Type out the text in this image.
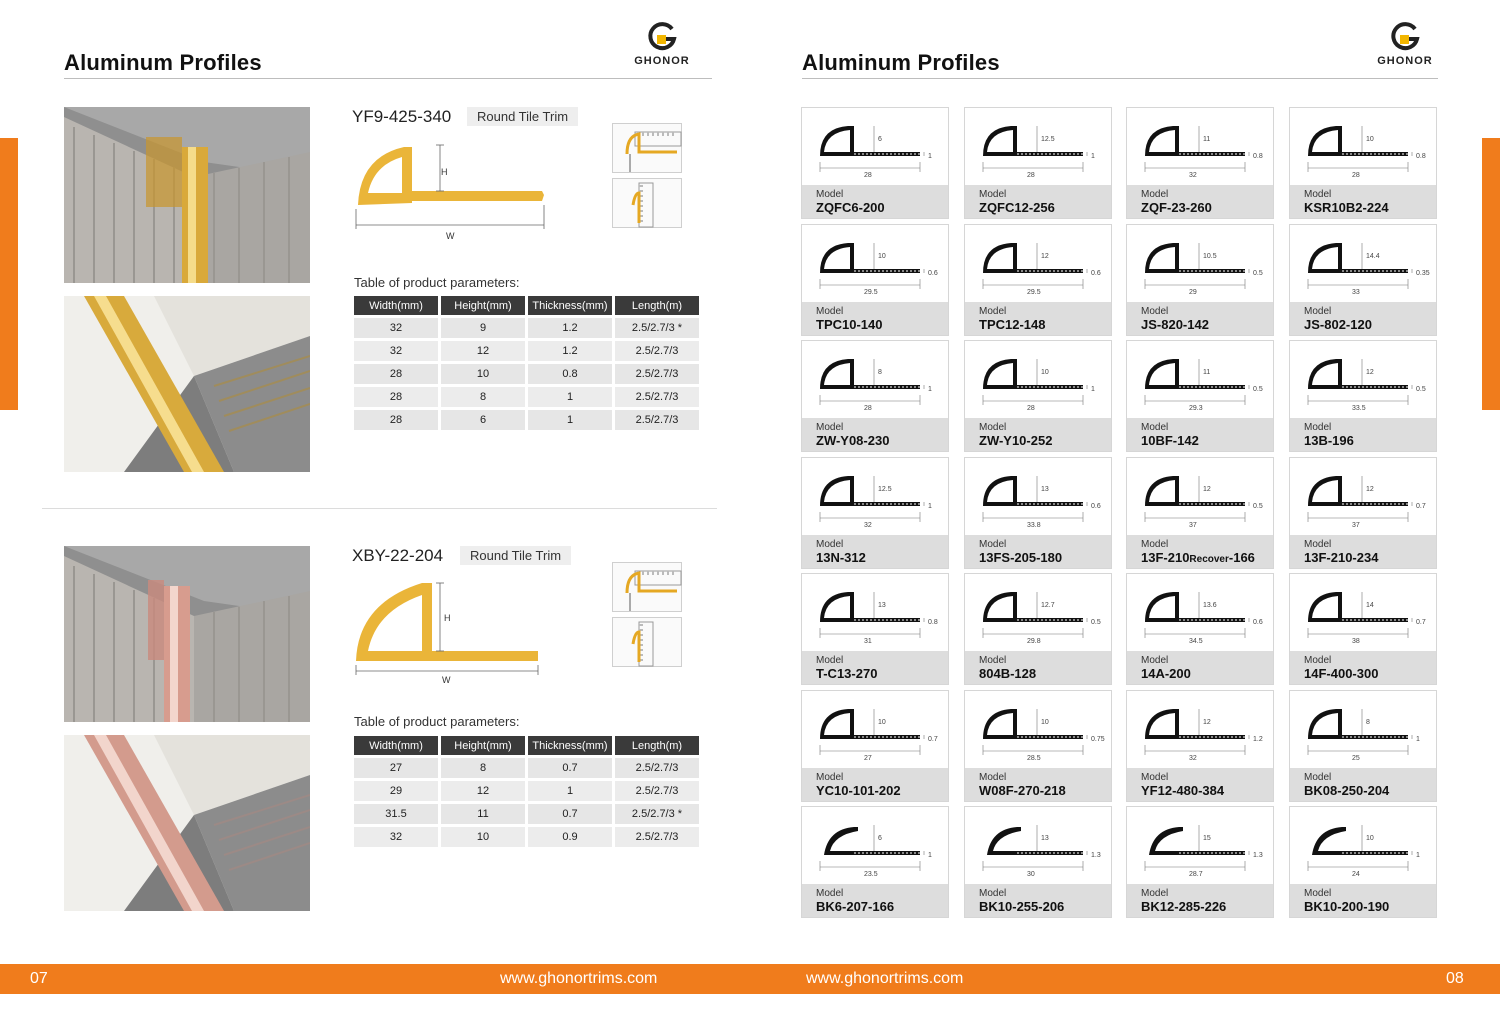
Aluminum Profiles	GHONOR
YF9-425-340	Round Tile Trim
H
W
Table of product parameters:
Width(mm)	Height(mm)	Thickness(mm)	Length(m)
32	9	1.2	2.5/2.7/3 *
32	12	1.2	2.5/2.7/3
28	10	0.8	2.5/2.7/3
28	8	1	2.5/2.7/3
28	6	1	2.5/2.7/3
XBY-22-204	Round Tile Trim
H
W
Table of product parameters:
Width(mm)	Height(mm)	Thickness(mm)	Length(m)
27	8	0.7	2.5/2.7/3
29	12	1	2.5/2.7/3
31.5	11	0.7	2.5/2.7/3 *
32	10	0.9	2.5/2.7/3
Aluminum Profiles	GHONOR
6
28
1
Model
ZQFC6-200
12.5
28
1
Model
ZQFC12-256
11
32
0.8
Model
ZQF-23-260
10
28
0.8
Model
KSR10B2-224
10
29.5
0.6
Model
TPC10-140
12
29.5
0.6
Model
TPC12-148
10.5
29
0.5
Model
JS-820-142
14.4
33
0.35
Model
JS-802-120
8
28
1
Model
ZW-Y08-230
10
28
1
Model
ZW-Y10-252
11
29.3
0.5
Model
10BF-142
12
33.5
0.5
Model
13B-196
12.5
32
1
Model
13N-312
13
33.8
0.6
Model
13FS-205-180
12
37
0.5
Model
13F-210Recover-166
12
37
0.7
Model
13F-210-234
13
31
0.8
Model
T-C13-270
12.7
29.8
0.5
Model
804B-128
13.6
34.5
0.6
Model
14A-200
14
38
0.7
Model
14F-400-300
10
27
0.7
Model
YC10-101-202
10
28.5
0.75
Model
W08F-270-218
12
32
1.2
Model
YF12-480-384
8
25
1
Model
BK08-250-204
6
23.5
1
Model
BK6-207-166
13
30
1.3
Model
BK10-255-206
15
28.7
1.3
Model
BK12-285-226
10
24
1
Model
BK10-200-190
07	www.ghonortrims.com	www.ghonortrims.com	08
